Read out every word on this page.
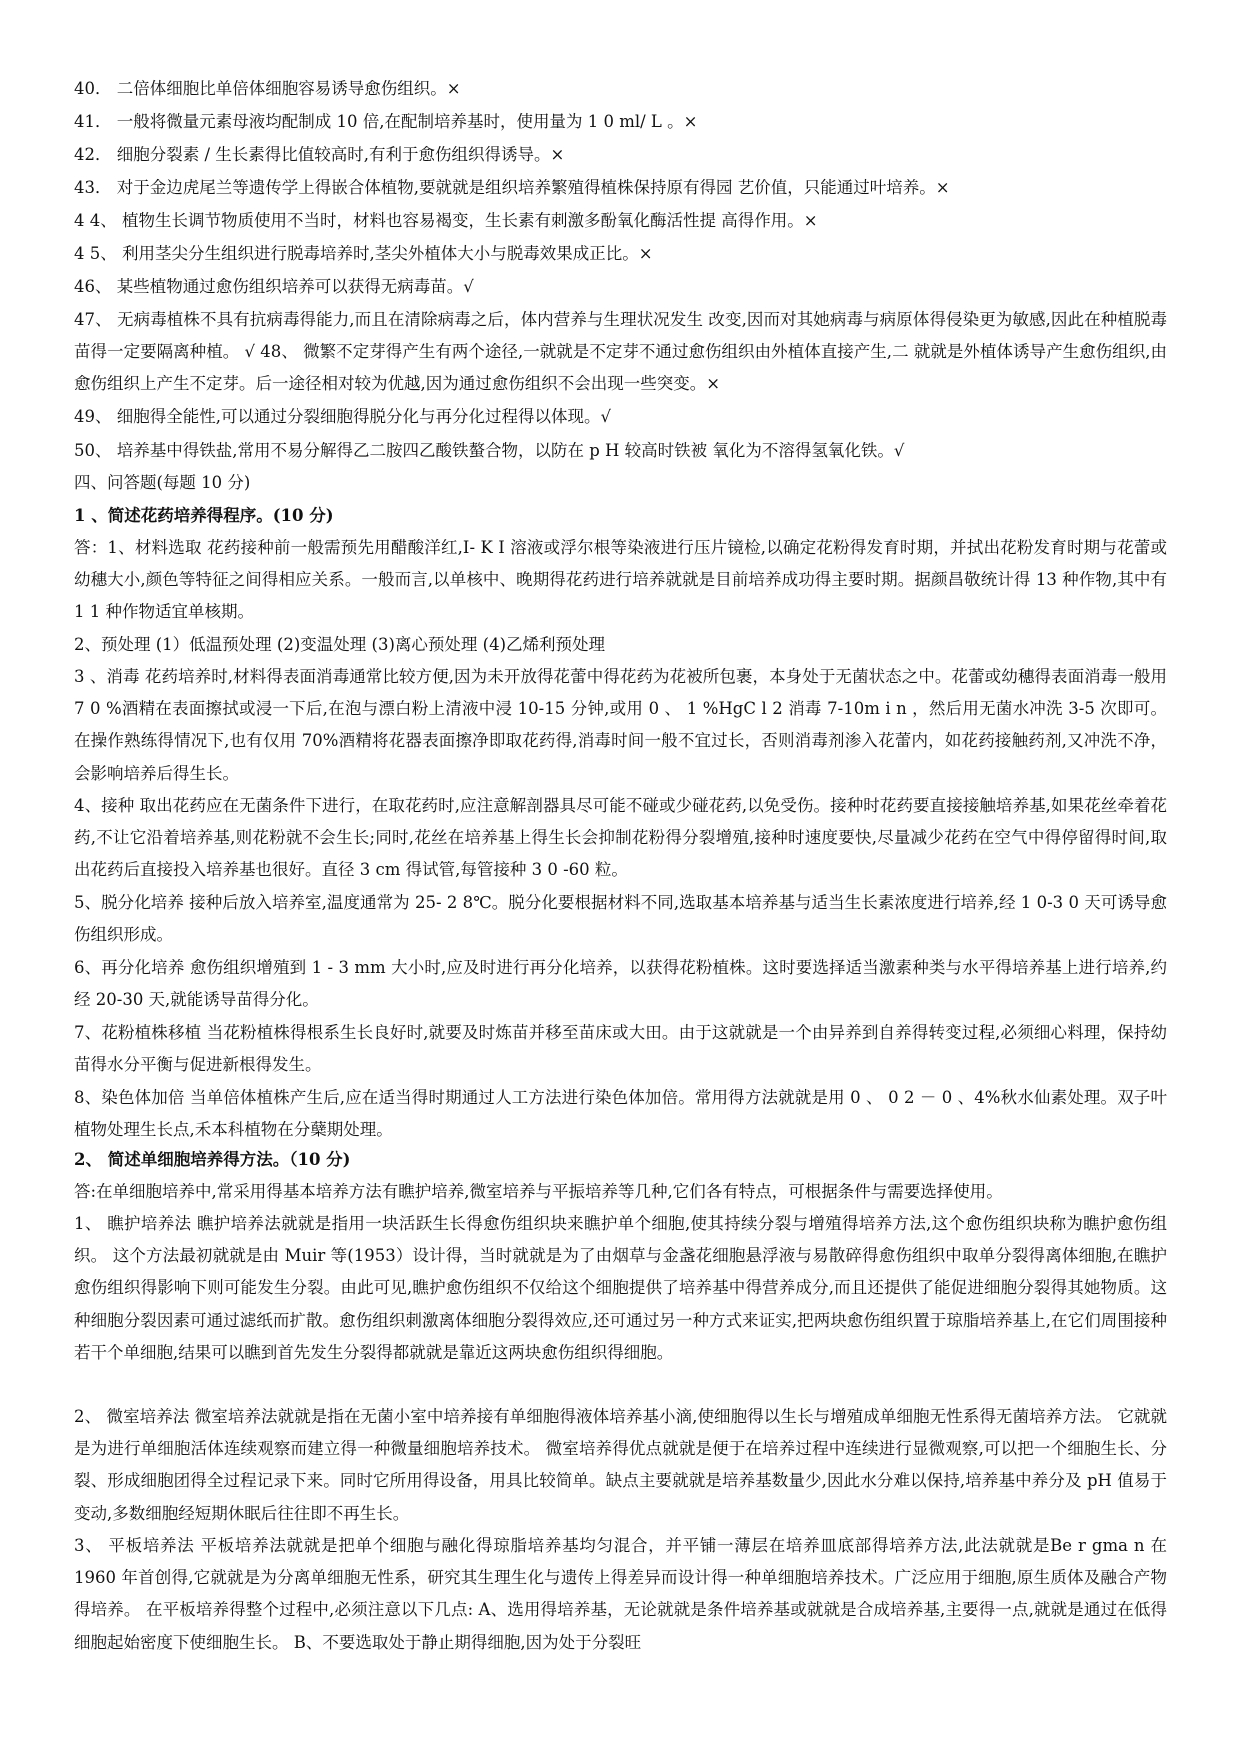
40． 二倍体细胞比单倍体细胞容易诱导愈伤组织。×
41． 一般将微量元素母液均配制成 10 倍,在配制培养基时，使用量为 1 0 ml/ L 。×
42． 细胞分裂素 / 生长素得比值较高时,有利于愈伤组织得诱导。×
43． 对于金边虎尾兰等遗传学上得嵌合体植物,要就就是组织培养繁殖得植株保持原有得园 艺价值，只能通过叶培养。×
4 4、 植物生长调节物质使用不当时，材料也容易褐变，生长素有刺激多酚氧化酶活性提 高得作用。×
4 5、 利用茎尖分生组织进行脱毒培养时,茎尖外植体大小与脱毒效果成正比。×
46、 某些植物通过愈伤组织培养可以获得无病毒苗。√
47、 无病毒植株不具有抗病毒得能力,而且在清除病毒之后，体内营养与生理状况发生 改变,因而对其她病毒与病原体得侵染更为敏感,因此在种植脱毒苗得一定要隔离种植。 √ 48、 微繁不定芽得产生有两个途径,一就就是不定芽不通过愈伤组织由外植体直接产生,二 就就是外植体诱导产生愈伤组织,由愈伤组织上产生不定芽。后一途径相对较为优越,因为通过愈伤组织不会出现一些突变。×
49、 细胞得全能性,可以通过分裂细胞得脱分化与再分化过程得以体现。√
50、 培养基中得铁盐,常用不易分解得乙二胺四乙酸铁螯合物，以防在 p H 较高时铁被 氧化为不溶得氢氧化铁。√
四、问答题(每题 10 分)
1 、简述花药培养得程序。(10 分)
答：1、材料选取 花药接种前一般需预先用醋酸洋红,I- K I 溶液或浮尔根等染液进行压片镜检,以确定花粉得发育时期，并拭出花粉发育时期与花蕾或幼穗大小,颜色等特征之间得相应关系。一般而言,以单核中、晚期得花药进行培养就就是目前培养成功得主要时期。据颜昌敬统计得 13 种作物,其中有 1 1 种作物适宜单核期。
2、预处理 (1）低温预处理 (2)变温处理 (3)离心预处理 (4)乙烯利预处理
3 、消毒 花药培养时,材料得表面消毒通常比较方便,因为未开放得花蕾中得花药为花被所包裹，本身处于无菌状态之中。花蕾或幼穗得表面消毒一般用 7 0 %酒精在表面擦拭或浸一下后,在泡与漂白粉上清液中浸 10-15 分钟,或用 0 、 1 %HgC l 2 消毒 7-10m i n ，然后用无菌水冲洗 3-5 次即可。在操作熟练得情况下,也有仅用 70%酒精将花器表面擦净即取花药得,消毒时间一般不宜过长，否则消毒剂渗入花蕾内，如花药接触药剂,又冲洗不净，会影响培养后得生长。
4、接种 取出花药应在无菌条件下进行，在取花药时,应注意解剖器具尽可能不碰或少碰花药,以免受伤。接种时花药要直接接触培养基,如果花丝牵着花药,不让它沿着培养基,则花粉就不会生长;同时,花丝在培养基上得生长会抑制花粉得分裂增殖,接种时速度要快,尽量减少花药在空气中得停留得时间,取出花药后直接投入培养基也很好。直径 3 cm 得试管,每管接种 3 0 -60 粒。
5、脱分化培养 接种后放入培养室,温度通常为 25- 2 8℃。脱分化要根据材料不同,选取基本培养基与适当生长素浓度进行培养,经 1 0-3 0 天可诱导愈伤组织形成。
6、再分化培养 愈伤组织增殖到 1 - 3 mm 大小时,应及时进行再分化培养，以获得花粉植株。这时要选择适当激素种类与水平得培养基上进行培养,约经 20-30 天,就能诱导苗得分化。
7、花粉植株移植 当花粉植株得根系生长良好时,就要及时炼苗并移至苗床或大田。由于这就就是一个由异养到自养得转变过程,必须细心料理，保持幼苗得水分平衡与促进新根得发生。
8、染色体加倍 当单倍体植株产生后,应在适当得时期通过人工方法进行染色体加倍。常用得方法就就是用 0 、 0 2 － 0 、4%秋水仙素处理。双子叶植物处理生长点,禾本科植物在分蘖期处理。
2、 简述单细胞培养得方法。（10 分)
答:在单细胞培养中,常采用得基本培养方法有瞧护培养,微室培养与平振培养等几种,它们各有特点，可根据条件与需要选择使用。
1、 瞧护培养法 瞧护培养法就就是指用一块活跃生长得愈伤组织块来瞧护单个细胞,使其持续分裂与增殖得培养方法,这个愈伤组织块称为瞧护愈伤组织。 这个方法最初就就是由 Muir 等(1953）设计得，当时就就是为了由烟草与金盏花细胞悬浮液与易散碎得愈伤组织中取单分裂得离体细胞,在瞧护愈伤组织得影响下则可能发生分裂。由此可见,瞧护愈伤组织不仅给这个细胞提供了培养基中得营养成分,而且还提供了能促进细胞分裂得其她物质。这种细胞分裂因素可通过滤纸而扩散。愈伤组织刺激离体细胞分裂得效应,还可通过另一种方式来证实,把两块愈伤组织置于琼脂培养基上,在它们周围接种若干个单细胞,结果可以瞧到首先发生分裂得都就就是靠近这两块愈伤组织得细胞。
2、 微室培养法 微室培养法就就是指在无菌小室中培养接有单细胞得液体培养基小滴,使细胞得以生长与增殖成单细胞无性系得无菌培养方法。 它就就是为进行单细胞活体连续观察而建立得一种微量细胞培养技术。 微室培养得优点就就是便于在培养过程中连续进行显微观察,可以把一个细胞生长、分裂、形成细胞团得全过程记录下来。同时它所用得设备，用具比较简单。缺点主要就就是培养基数量少,因此水分难以保持,培养基中养分及 pH 值易于变动,多数细胞经短期休眠后往往即不再生长。
3、 平板培养法 平板培养法就就是把单个细胞与融化得琼脂培养基均匀混合，并平铺一薄层在培养皿底部得培养方法,此法就就是Be r gma n 在 1960 年首创得,它就就是为分离单细胞无性系，研究其生理生化与遗传上得差异而设计得一种单细胞培养技术。广泛应用于细胞,原生质体及融合产物得培养。 在平板培养得整个过程中,必须注意以下几点: A、选用得培养基，无论就就是条件培养基或就就是合成培养基,主要得一点,就就是通过在低得细胞起始密度下使细胞生长。 B、不要选取处于静止期得细胞,因为处于分裂旺
